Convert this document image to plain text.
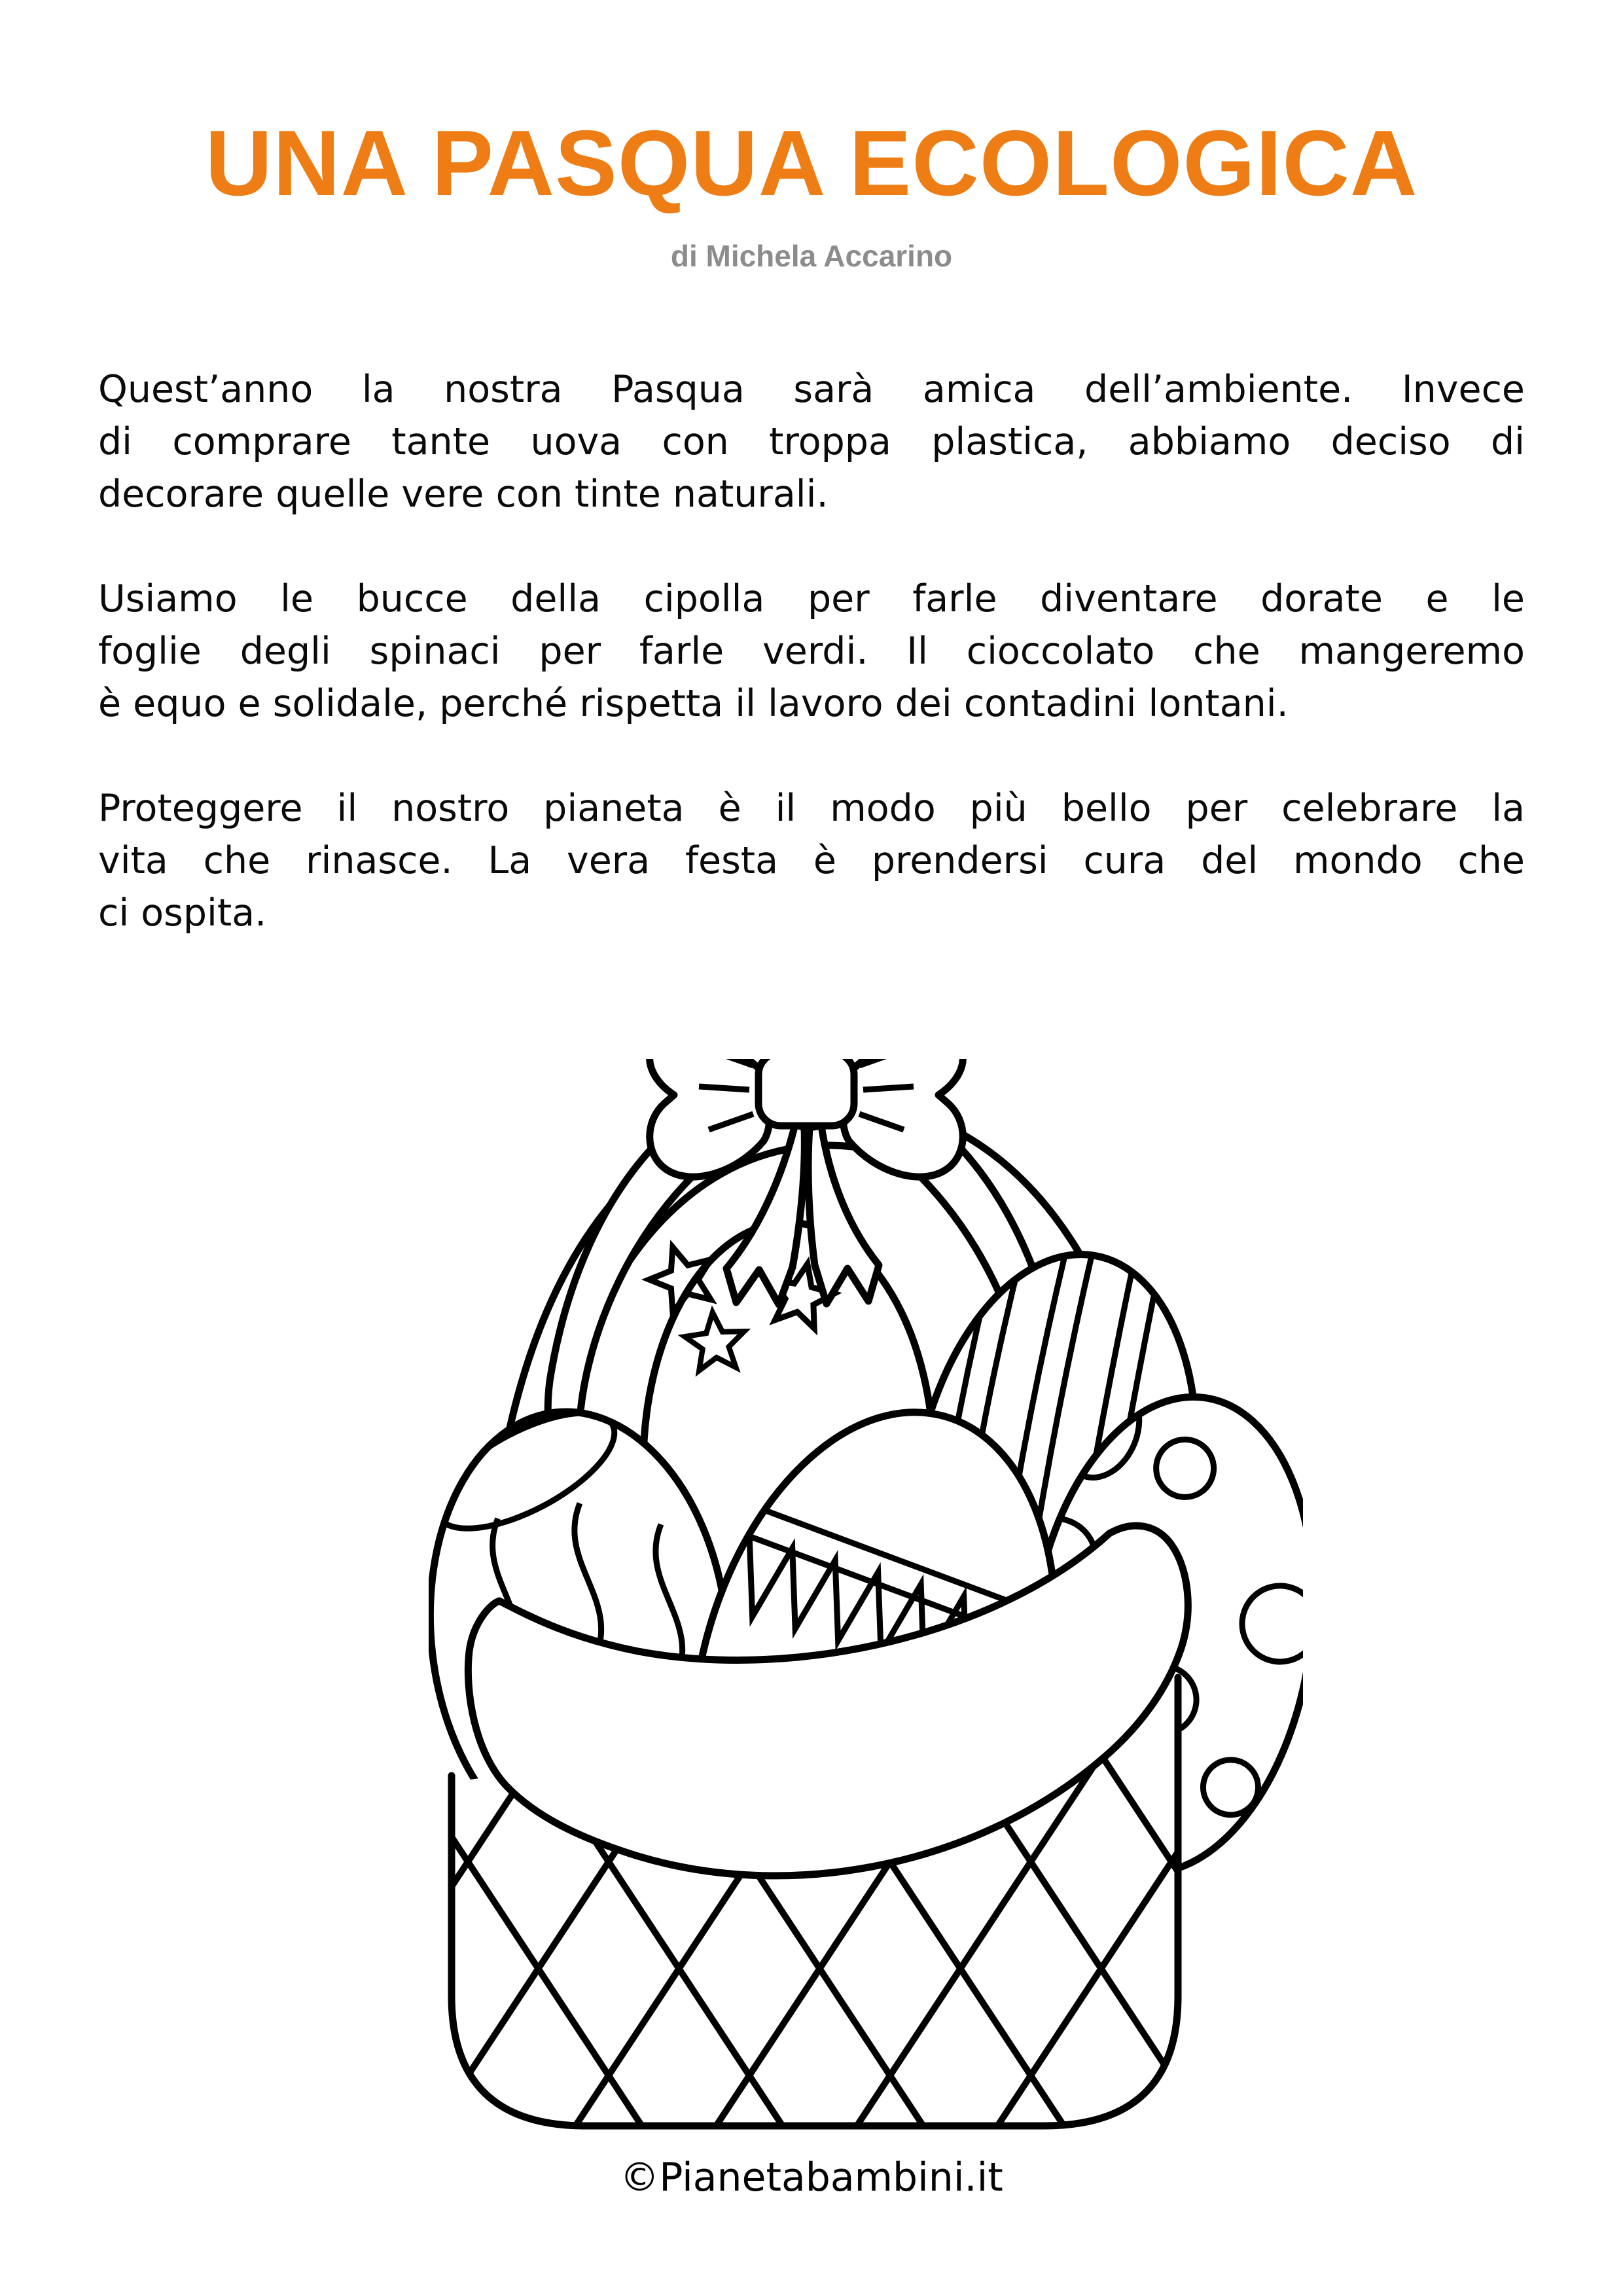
UNA PASQUA ECOLOGICA
di Michela Accarino
Quest’anno la nostra Pasqua sarà amica dell’ambiente. Invece
di comprare tante uova con troppa plastica, abbiamo deciso di
decorare quelle vere con tinte naturali.
Usiamo le bucce della cipolla per farle diventare dorate e le
foglie degli spinaci per farle verdi. Il cioccolato che mangeremo
è equo e solidale, perché rispetta il lavoro dei contadini lontani.
Proteggere il nostro pianeta è il modo più bello per celebrare la
vita che rinasce. La vera festa è prendersi cura del mondo che
ci ospita.
©Pianetabambini.it
